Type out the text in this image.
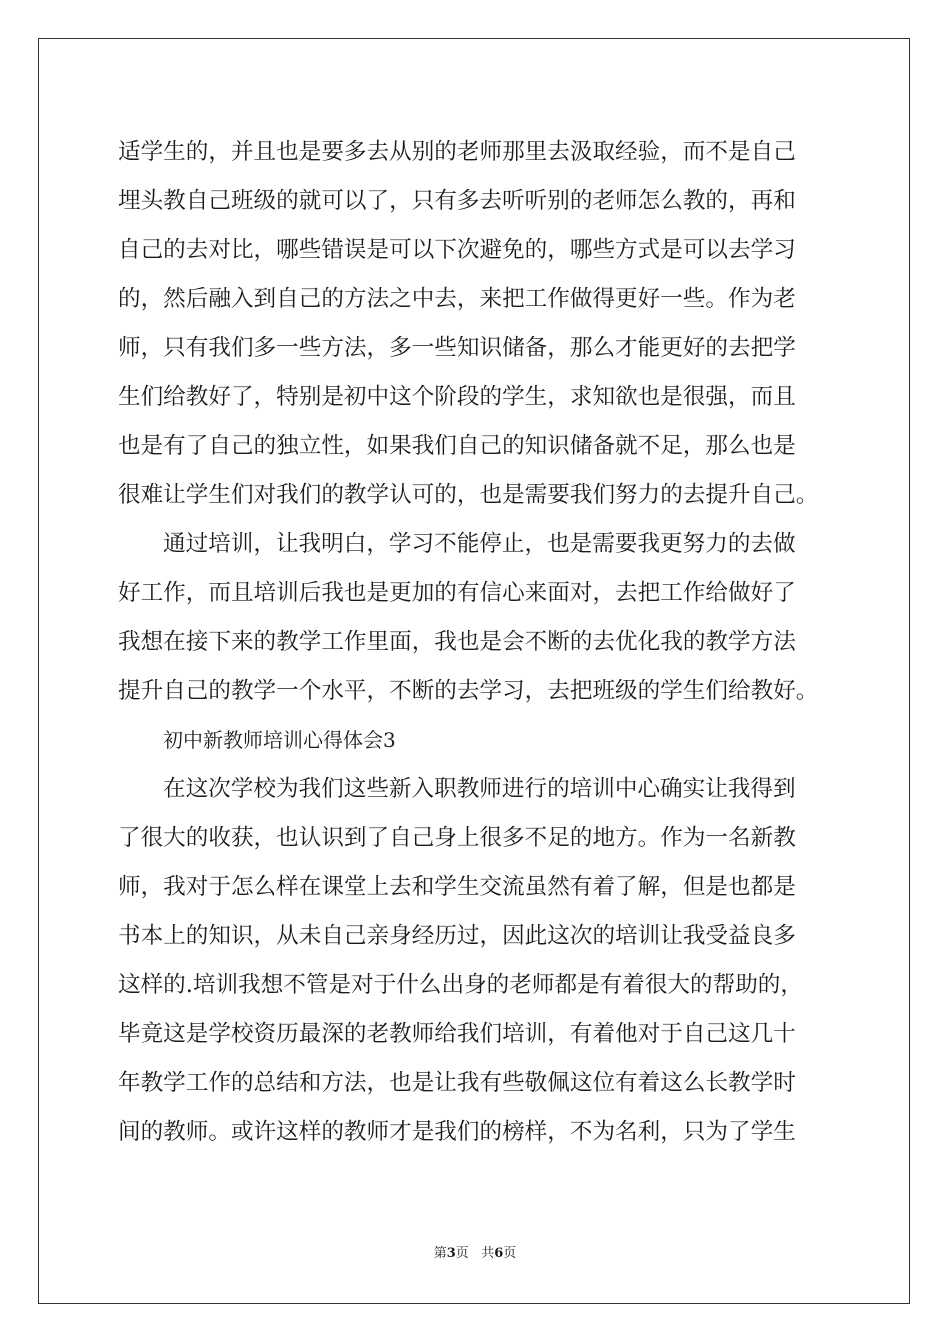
适学生的，并且也是要多去从别的老师那里去汲取经验，而不是自己
埋头教自己班级的就可以了，只有多去听听别的老师怎么教的，再和
自己的去对比，哪些错误是可以下次避免的，哪些方式是可以去学习
的，然后融入到自己的方法之中去，来把工作做得更好一些。作为老
师，只有我们多一些方法，多一些知识储备，那么才能更好的去把学
生们给教好了，特别是初中这个阶段的学生，求知欲也是很强，而且
也是有了自己的独立性，如果我们自己的知识储备就不足，那么也是
很难让学生们对我们的教学认可的，也是需要我们努力的去提升自己。
通过培训，让我明白，学习不能停止，也是需要我更努力的去做
好工作，而且培训后我也是更加的有信心来面对，去把工作给做好了
我想在接下来的教学工作里面，我也是会不断的去优化我的教学方法
提升自己的教学一个水平，不断的去学习，去把班级的学生们给教好。
初中新教师培训心得体会3
在这次学校为我们这些新入职教师进行的培训中心确实让我得到
了很大的收获，也认识到了自己身上很多不足的地方。作为一名新教
师，我对于怎么样在课堂上去和学生交流虽然有着了解，但是也都是
书本上的知识，从未自己亲身经历过，因此这次的培训让我受益良多
这样的.培训我想不管是对于什么出身的老师都是有着很大的帮助的，
毕竟这是学校资历最深的老教师给我们培训，有着他对于自己这几十
年教学工作的总结和方法，也是让我有些敬佩这位有着这么长教学时
间的教师。或许这样的教师才是我们的榜样，不为名利，只为了学生
第3页 共6页
